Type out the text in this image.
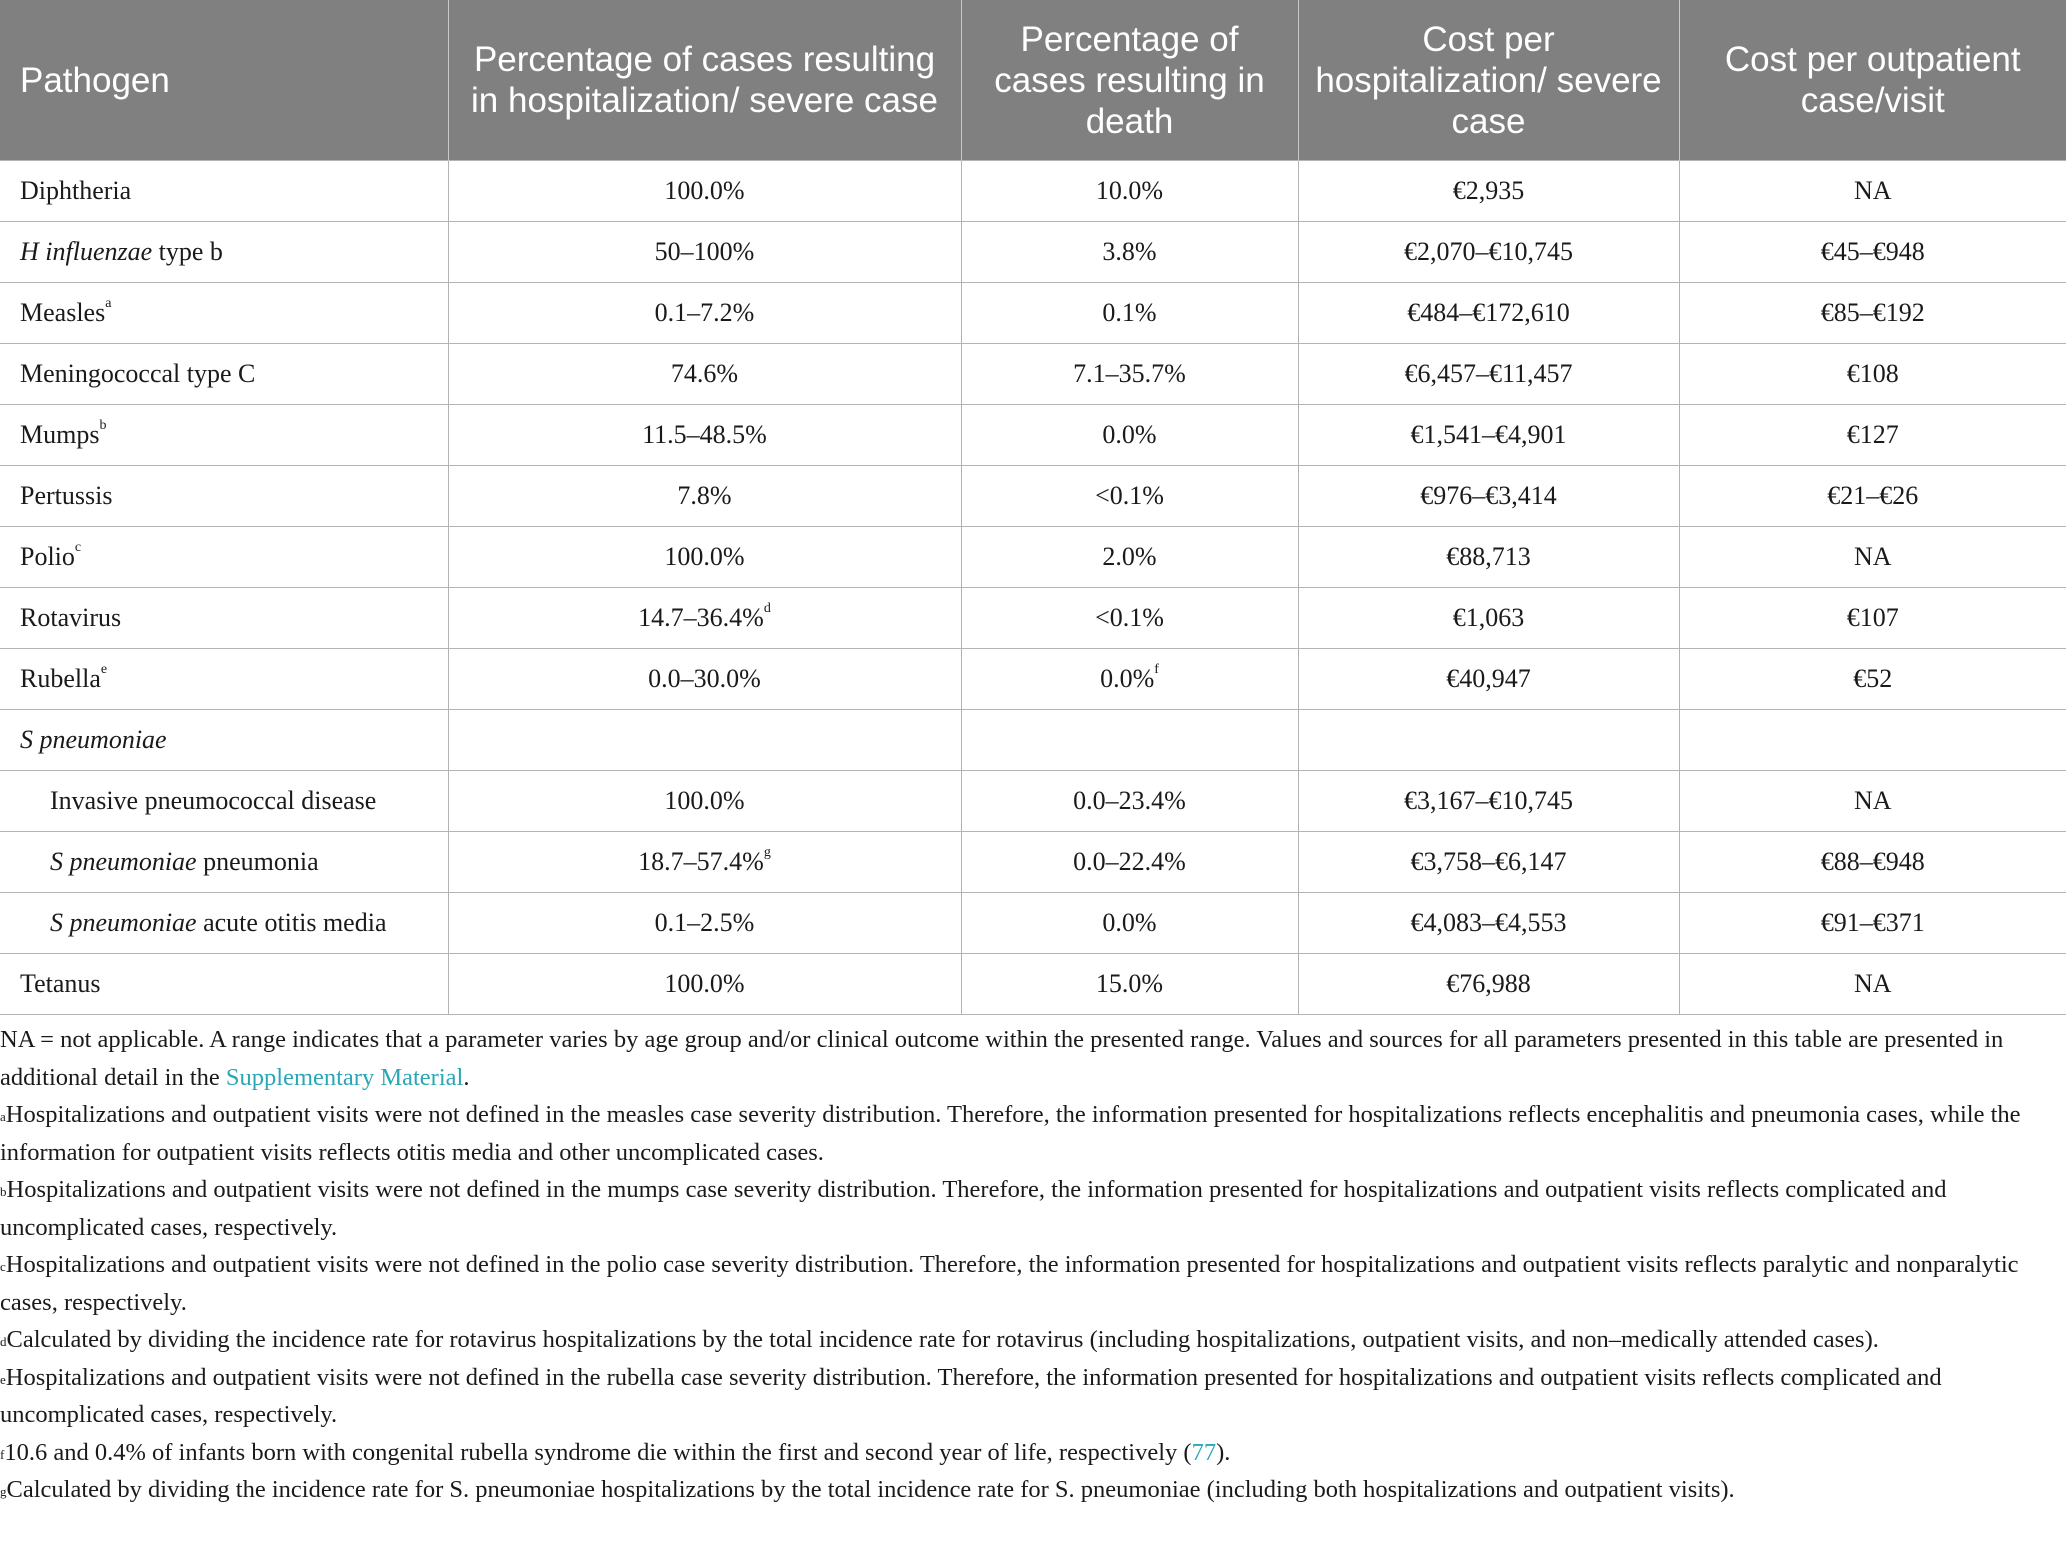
Pathogen	Percentage of cases resulting in hospitalization/ severe case	Percentage of cases resulting in death	Cost per hospitalization/ severe case	Cost per outpatient case/visit
Diphtheria	100.0%	10.0%	€2,935	NA
H influenzae type b	50–100%	3.8%	€2,070–€10,745	€45–€948
Measles$^a$	0.1–7.2%	0.1%	€484–€172,610	€85–€192
Meningococcal type C	74.6%	7.1–35.7%	€6,457–€11,457	€108
Mumps$^b$	11.5–48.5%	0.0%	€1,541–€4,901	€127
Pertussis	7.8%	<0.1%	€976–€3,414	€21–€26
Polio$^c$	100.0%	2.0%	€88,713	NA
Rotavirus	14.7–36.4%$^d$	<0.1%	€1,063	€107
Rubella$^e$	0.0–30.0%	0.0%$^f$	€40,947	€52
S pneumoniae				
Invasive pneumococcal disease	100.0%	0.0–23.4%	€3,167–€10,745	NA
S pneumoniae pneumonia	18.7–57.4%$^g$	0.0–22.4%	€3,758–€6,147	€88–€948
S pneumoniae acute otitis media	0.1–2.5%	0.0%	€4,083–€4,553	€91–€371
Tetanus	100.0%	15.0%	€76,988	NA

NA = not applicable. A range indicates that a parameter varies by age group and/or clinical outcome within the presented range. Values and sources for all parameters presented in this table are presented in additional detail in the Supplementary Material.

$^a$Hospitalizations and outpatient visits were not defined in the measles case severity distribution. Therefore, the information presented for hospitalizations reflects encephalitis and pneumonia cases, while the information for outpatient visits reflects otitis media and other uncomplicated cases.

$^b$Hospitalizations and outpatient visits were not defined in the mumps case severity distribution. Therefore, the information presented for hospitalizations and outpatient visits reflects complicated and uncomplicated cases, respectively.

$^c$Hospitalizations and outpatient visits were not defined in the polio case severity distribution. Therefore, the information presented for hospitalizations and outpatient visits reflects paralytic and nonparalytic cases, respectively.

$^d$Calculated by dividing the incidence rate for rotavirus hospitalizations by the total incidence rate for rotavirus (including hospitalizations, outpatient visits, and non–medically attended cases).

$^e$Hospitalizations and outpatient visits were not defined in the rubella case severity distribution. Therefore, the information presented for hospitalizations and outpatient visits reflects complicated and uncomplicated cases, respectively.

$^f$10.6 and 0.4% of infants born with congenital rubella syndrome die within the first and second year of life, respectively (77).

$^g$Calculated by dividing the incidence rate for S. pneumoniae hospitalizations by the total incidence rate for S. pneumoniae (including both hospitalizations and outpatient visits).
